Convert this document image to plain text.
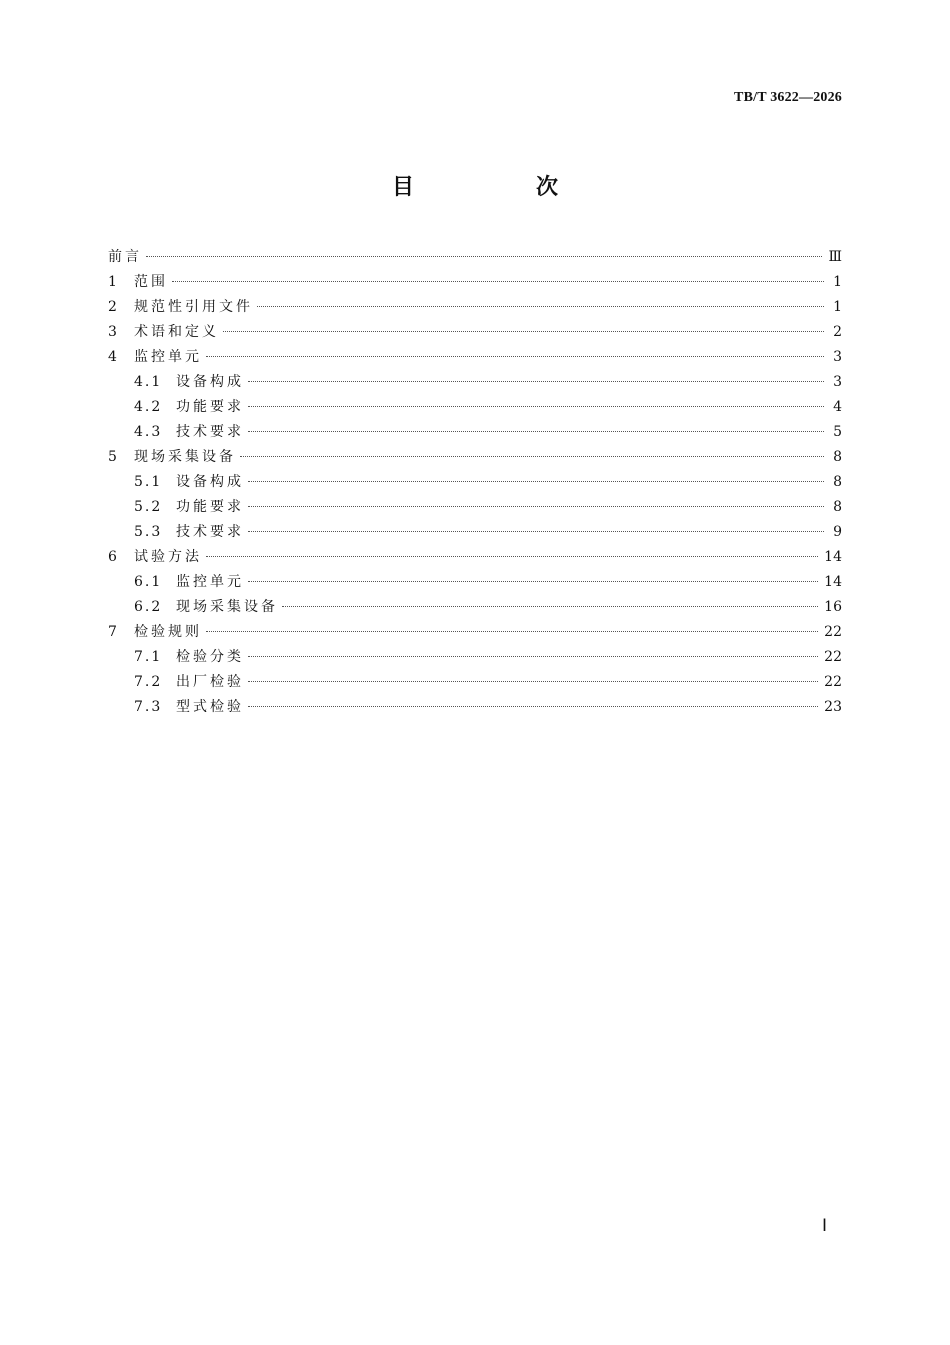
TB/T 3622—2026
目　次
前言	Ⅲ
1	范围	1
2	规范性引用文件	1
3	术语和定义	2
4	监控单元	3
4.1 设备构成	3
4.2 功能要求	4
4.3 技术要求	5
5	现场采集设备	8
5.1 设备构成	8
5.2 功能要求	8
5.3 技术要求	9
6	试验方法	14
6.1 监控单元	14
6.2 现场采集设备	16
7	检验规则	22
7.1 检验分类	22
7.2 出厂检验	22
7.3 型式检验	23
Ⅰ
